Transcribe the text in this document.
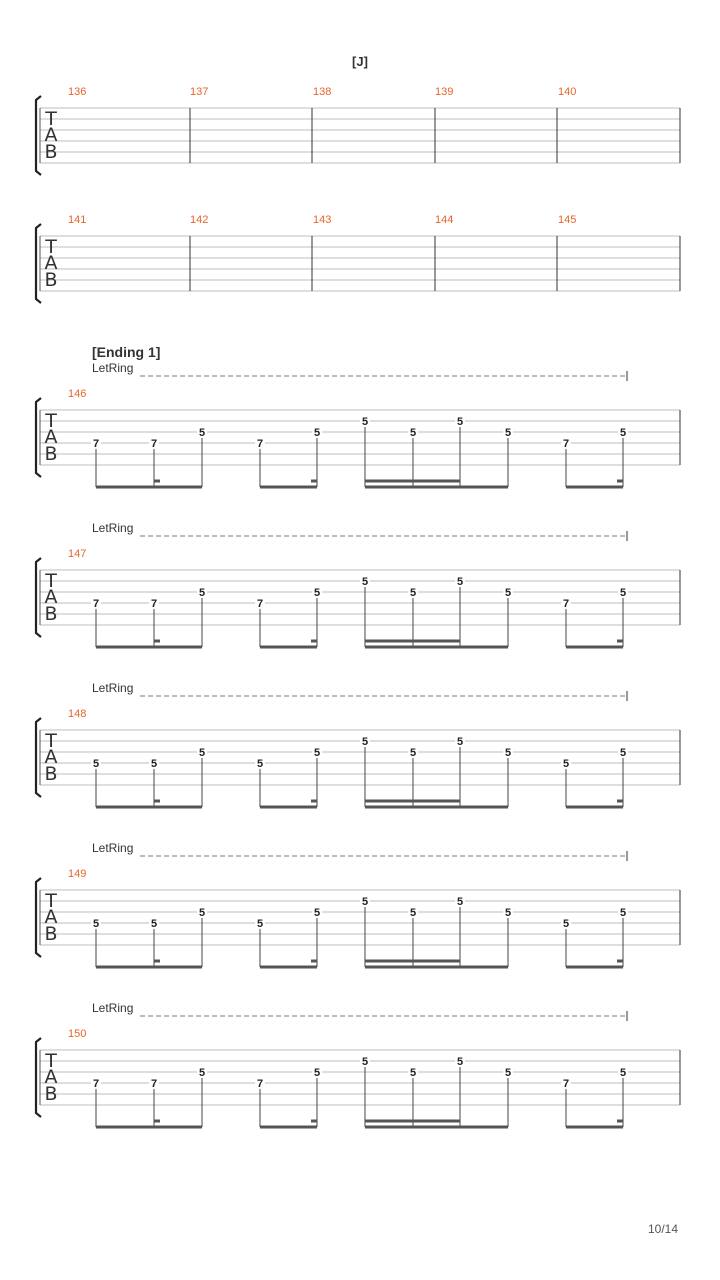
[J]
[Ending 1]
10/14
T
A
B
136	137	138	139	140
T
A
B
141	142	143	144	145
T
A
B
LetRing
146
7	7
5
7
5
5
5
5
5
7
5
T
A
B
LetRing
147
7	7
5
7
5
5
5
5
5
7
5
T
A
B
LetRing
148
5	5
5
5
5
5
5
5
5
5
5
T
A
B
LetRing
149
5	5
5
5
5
5
5
5
5
5
5
T
A
B
LetRing
150
7	7
5
7
5
5
5
5
5
7
5
